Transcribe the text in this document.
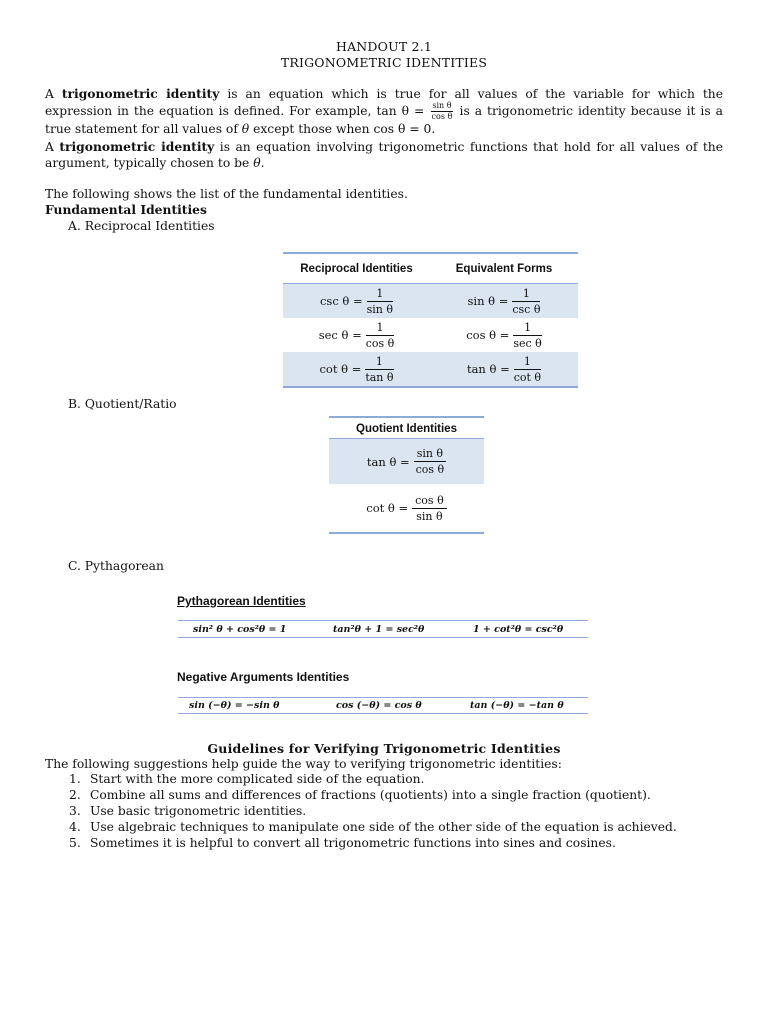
HANDOUT 2.1
TRIGONOMETRIC IDENTITIES
A trigonometric identity is an equation which is true for all values of the variable for which the expression in the equation is defined. For example, $\tan \theta = \frac{\text{sin θ}}{\text{cos θ}}$ is a trigonometric identity because it is a true statement for all values of θ except those when cos θ = 0.
A trigonometric identity is an equation involving trigonometric functions that hold for all values of the argument, typically chosen to be θ.
The following shows the list of the fundamental identities.
Fundamental Identities
A. Reciprocal Identities
Reciprocal Identities	Equivalent Forms
$\csc \theta = \frac{1}{\text{sin θ}}$	$\sin \theta = \frac{1}{\text{csc θ}}$
$\sec \theta = \frac{1}{\text{cos θ}}$	$\cos \theta = \frac{1}{\text{sec θ}}$
$\cot \theta = \frac{1}{\text{tan θ}}$	$\tan \theta = \frac{1}{\text{cot θ}}$
B. Quotient/Ratio
Quotient Identities
$\tan \theta = \frac{\text{sin θ}}{\text{cos θ}}$
$\cot \theta = \frac{\text{cos θ}}{\text{sin θ}}$
C. Pythagorean
Pythagorean Identities
sin² θ + cos²θ = 1	tan²θ + 1 = sec²θ	1 + cot²θ = csc²θ
Negative Arguments Identities
sin (−θ) = −sin θ	cos (−θ) = cos θ	tan (−θ) = −tan θ
Guidelines for Verifying Trigonometric Identities
The following suggestions help guide the way to verifying trigonometric identities:
1. Start with the more complicated side of the equation.
2. Combine all sums and differences of fractions (quotients) into a single fraction (quotient).
3. Use basic trigonometric identities.
4. Use algebraic techniques to manipulate one side of the other side of the equation is achieved.
5. Sometimes it is helpful to convert all trigonometric functions into sines and cosines.
